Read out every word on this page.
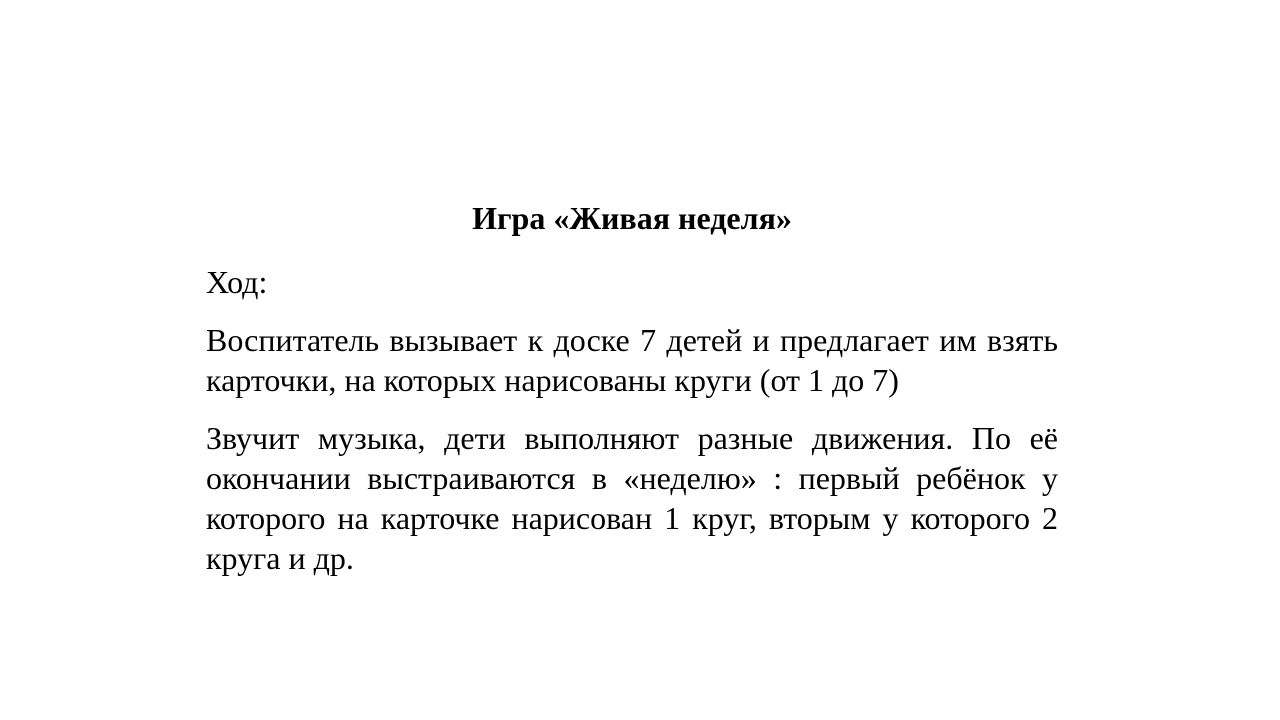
Игра «Живая неделя»

Ход:

Воспитатель вызывает к доске 7 детей и предлагает им взять карточки, на которых нарисованы круги (от 1 до 7)

Звучит музыка, дети выполняют разные движения. По её окончании выстраиваются в «неделю» : первый ребёнок у которого на карточке нарисован 1 круг, вторым у которого 2 круга и др.
